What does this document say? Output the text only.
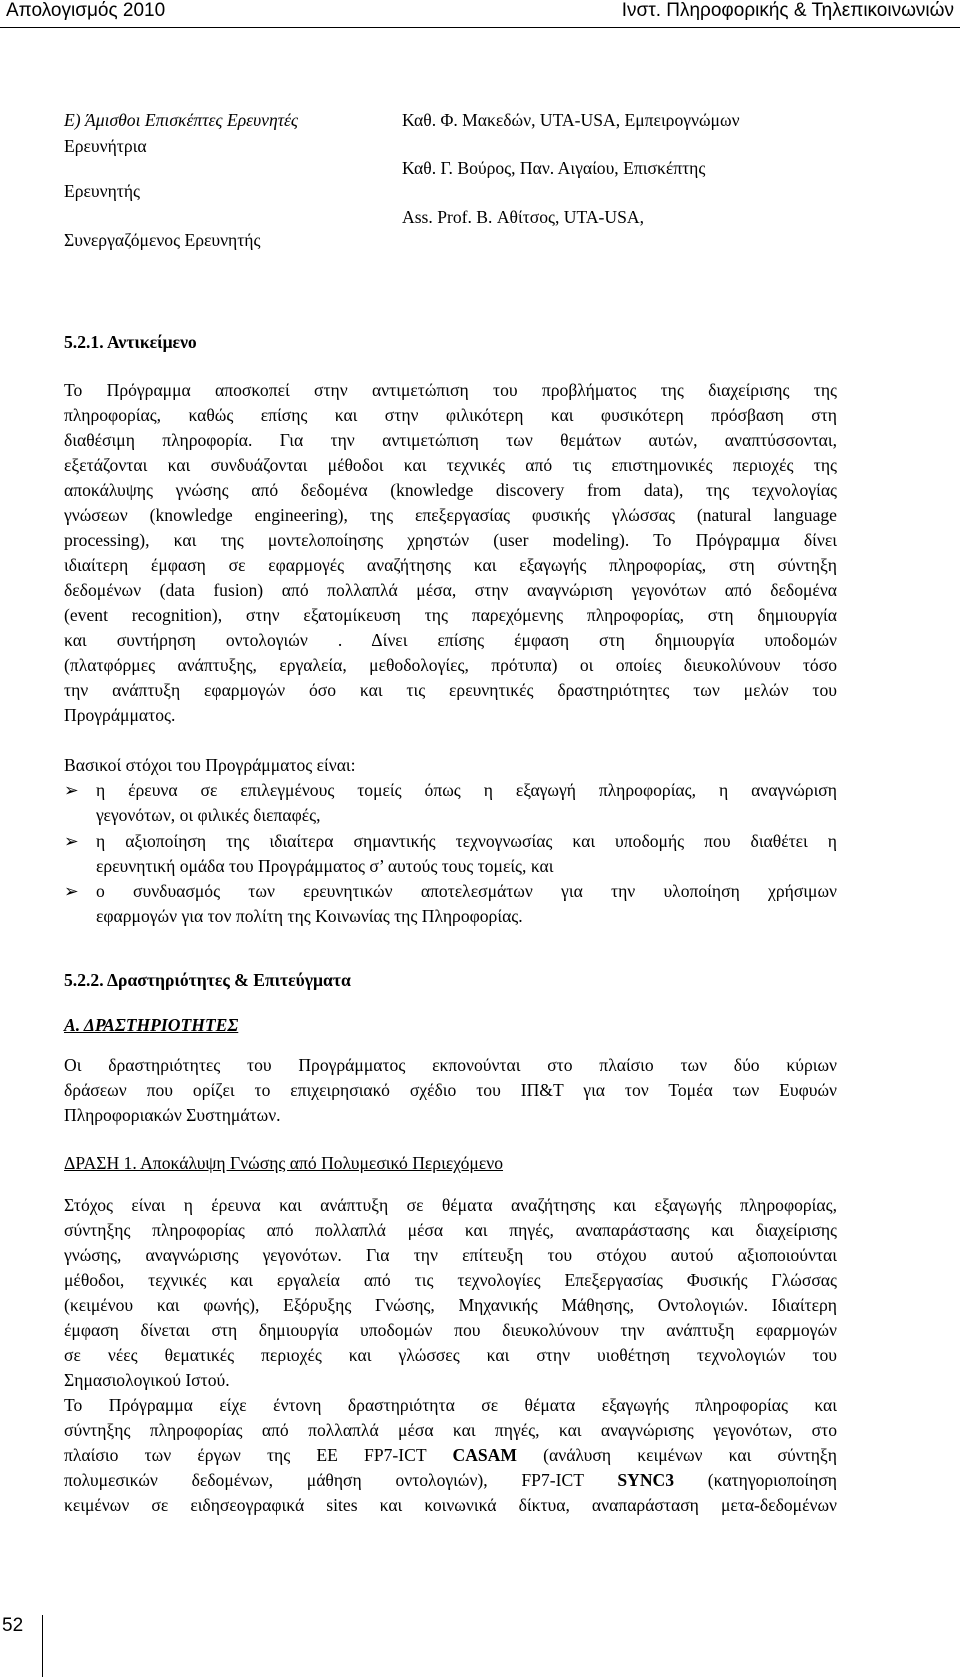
Απολογισμός 2010	Ινστ. Πληροφορικής & Τηλεπικοινωνιών
E) Άμισθοι Επισκέπτες Ερευνητές
Ερευνήτρια
Ερευνητής
Συνεργαζόμενος Ερευνητής
Καθ. Φ. Μακεδών, UTA-USA, Εμπειρογνώμων
Καθ. Γ. Βούρος, Παν. Αιγαίου, Επισκέπτης
Ass. Prof. B. Αθίτσος, UTA-USA,
5.2.1. Αντικείμενο
Το Πρόγραμμα αποσκοπεί στην αντιμετώπιση του προβλήματος της διαχείρισης της
πληροφορίας, καθώς επίσης και στην φιλικότερη και φυσικότερη πρόσβαση στη
διαθέσιμη πληροφορία. Για την αντιμετώπιση των θεμάτων αυτών, αναπτύσσονται,
εξετάζονται και συνδυάζονται μέθοδοι και τεχνικές από τις επιστημονικές περιοχές της
αποκάλυψης γνώσης από δεδομένα (knowledge discovery from data), της τεχνολογίας
γνώσεων (knowledge engineering), της επεξεργασίας φυσικής γλώσσας (natural language
processing), και της μοντελοποίησης χρηστών (user modeling). Το Πρόγραμμα δίνει
ιδιαίτερη έμφαση σε εφαρμογές αναζήτησης και εξαγωγής πληροφορίας, στη σύντηξη
δεδομένων (data fusion) από πολλαπλά μέσα, στην αναγνώριση γεγονότων από δεδομένα
(event recognition), στην εξατομίκευση της παρεχόμενης πληροφορίας, στη δημιουργία
και συντήρηση οντολογιών . Δίνει επίσης έμφαση στη δημιουργία υποδομών
(πλατφόρμες ανάπτυξης, εργαλεία, μεθοδολογίες, πρότυπα) οι οποίες διευκολύνουν τόσο
την ανάπτυξη εφαρμογών όσο και τις ερευνητικές δραστηριότητες των μελών του
Προγράμματος.
Βασικοί στόχοι του Προγράμματος είναι:
➢ η έρευνα σε επιλεγμένους τομείς όπως η εξαγωγή πληροφορίας, η αναγνώριση
γεγονότων, οι φιλικές διεπαφές,
➢ η αξιοποίηση της ιδιαίτερα σημαντικής τεχνογνωσίας και υποδομής που διαθέτει η
ερευνητική ομάδα του Προγράμματος σ’ αυτούς τους τομείς, και
➢ ο συνδυασμός των ερευνητικών αποτελεσμάτων για την υλοποίηση χρήσιμων
εφαρμογών για τον πολίτη της Κοινωνίας της Πληροφορίας.
5.2.2. Δραστηριότητες & Επιτεύγματα
Α. ΔΡΑΣΤΗΡΙΟΤΗΤΕΣ
Οι δραστηριότητες του Προγράμματος εκπονούνται στο πλαίσιο των δύο κύριων
δράσεων που ορίζει το επιχειρησιακό σχέδιο του ΙΠ&Τ για τον Τομέα των Ευφυών
Πληροφοριακών Συστημάτων.
ΔΡΑΣΗ 1. Αποκάλυψη Γνώσης από Πολυμεσικό Περιεχόμενο
Στόχος είναι η έρευνα και ανάπτυξη σε θέματα αναζήτησης και εξαγωγής πληροφορίας,
σύντηξης πληροφορίας από πολλαπλά μέσα και πηγές, αναπαράστασης και διαχείρισης
γνώσης, αναγνώρισης γεγονότων. Για την επίτευξη του στόχου αυτού αξιοποιούνται
μέθοδοι, τεχνικές και εργαλεία από τις τεχνολογίες Επεξεργασίας Φυσικής Γλώσσας
(κειμένου και φωνής), Εξόρυξης Γνώσης, Μηχανικής Μάθησης, Οντολογιών. Ιδιαίτερη
έμφαση δίνεται στη δημιουργία υποδομών που διευκολύνουν την ανάπτυξη εφαρμογών
σε νέες θεματικές περιοχές και γλώσσες και στην υιοθέτηση τεχνολογιών του
Σημασιολογικού Ιστού.
Το Πρόγραμμα είχε έντονη δραστηριότητα σε θέματα εξαγωγής πληροφορίας και
σύντηξης πληροφορίας από πολλαπλά μέσα και πηγές, και αναγνώρισης γεγονότων, στο
πλαίσιο των έργων της ΕΕ FP7-ICT CASAM (ανάλυση κειμένων και σύντηξη
πολυμεσικών δεδομένων, μάθηση οντολογιών), FP7-ICT SYNC3 (κατηγοριοποίηση
κειμένων σε ειδησεογραφικά sites και κοινωνικά δίκτυα, αναπαράσταση μετα-δεδομένων
52
